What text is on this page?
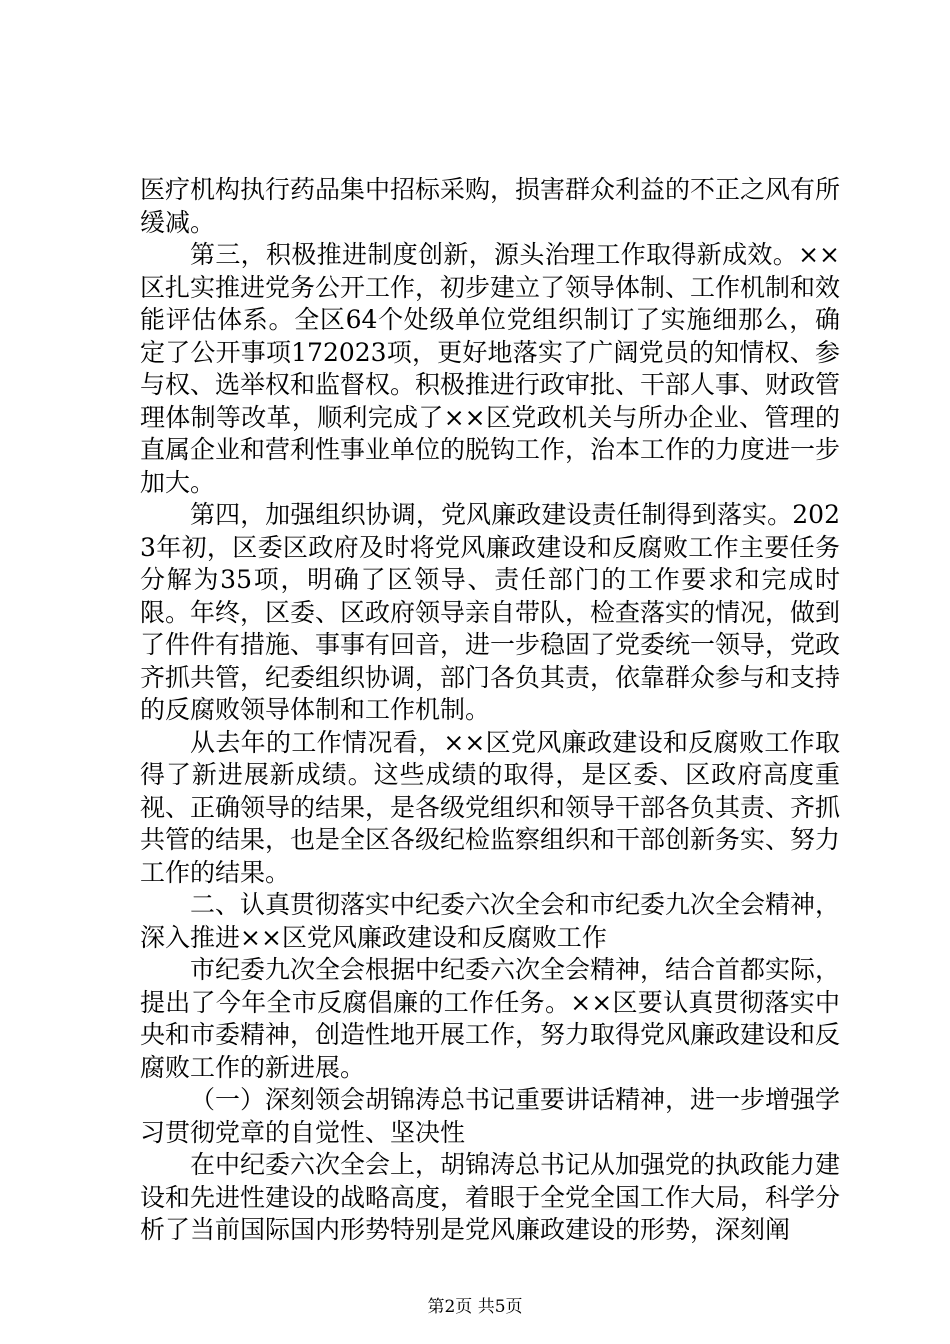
医疗机构执行药品集中招标采购，损害群众利益的不正之风有所缓减。

第三，积极推进制度创新，源头治理工作取得新成效。××区扎实推进党务公开工作，初步建立了领导体制、工作机制和效能评估体系。全区64个处级单位党组织制订了实施细那么，确定了公开事项172023项，更好地落实了广阔党员的知情权、参与权、选举权和监督权。积极推进行政审批、干部人事、财政管理体制等改革，顺利完成了××区党政机关与所办企业、管理的直属企业和营利性事业单位的脱钩工作，治本工作的力度进一步加大。

第四，加强组织协调，党风廉政建设责任制得到落实。2023年初，区委区政府及时将党风廉政建设和反腐败工作主要任务分解为35项，明确了区领导、责任部门的工作要求和完成时限。年终，区委、区政府领导亲自带队，检查落实的情况，做到了件件有措施、事事有回音，进一步稳固了党委统一领导，党政齐抓共管，纪委组织协调，部门各负其责，依靠群众参与和支持的反腐败领导体制和工作机制。

从去年的工作情况看，××区党风廉政建设和反腐败工作取得了新进展新成绩。这些成绩的取得，是区委、区政府高度重视、正确领导的结果，是各级党组织和领导干部各负其责、齐抓共管的结果，也是全区各级纪检监察组织和干部创新务实、努力工作的结果。

二、认真贯彻落实中纪委六次全会和市纪委九次全会精神，深入推进××区党风廉政建设和反腐败工作

市纪委九次全会根据中纪委六次全会精神，结合首都实际，提出了今年全市反腐倡廉的工作任务。××区要认真贯彻落实中央和市委精神，创造性地开展工作，努力取得党风廉政建设和反腐败工作的新进展。

（一）深刻领会胡锦涛总书记重要讲话精神，进一步增强学习贯彻党章的自觉性、坚决性

在中纪委六次全会上，胡锦涛总书记从加强党的执政能力建设和先进性建设的战略高度，着眼于全党全国工作大局，科学分析了当前国际国内形势特别是党风廉政建设的形势，深刻阐

第2页 共5页
